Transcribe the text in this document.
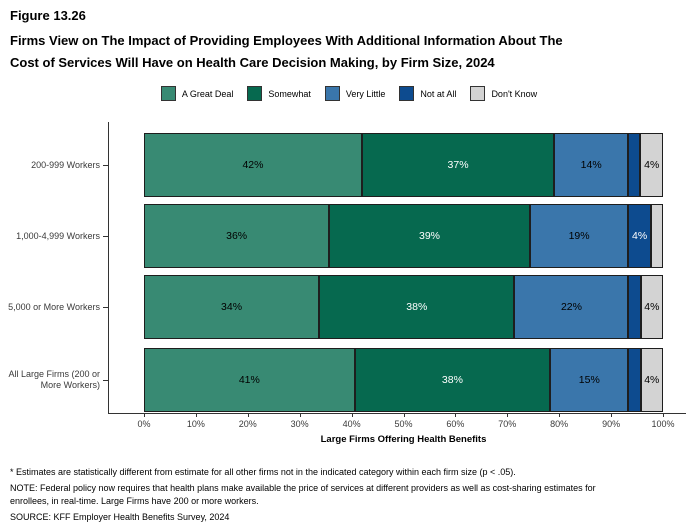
Figure 13.26
Firms View on The Impact of Providing Employees With Additional Information About The
Cost of Services Will Have on Health Care Decision Making, by Firm Size, 2024
A Great Deal	Somewhat	Very Little	Not at All	Don't Know
200-999 Workers	42%	37%	14%	4%
1,000-4,999 Workers	36%	39%	19%	4%
5,000 or More Workers	34%	38%	22%	4%
All Large Firms (200 or More Workers)	41%	38%	15%	4%
0%	10%	20%	30%	40%	50%	60%	70%	80%	90%	100%
Large Firms Offering Health Benefits
* Estimates are statistically different from estimate for all other firms not in the indicated category within each firm size (p < .05).
NOTE: Federal policy now requires that health plans make available the price of services at different providers as well as cost-sharing estimates for
enrollees, in real-time. Large Firms have 200 or more workers.
SOURCE: KFF Employer Health Benefits Survey, 2024
